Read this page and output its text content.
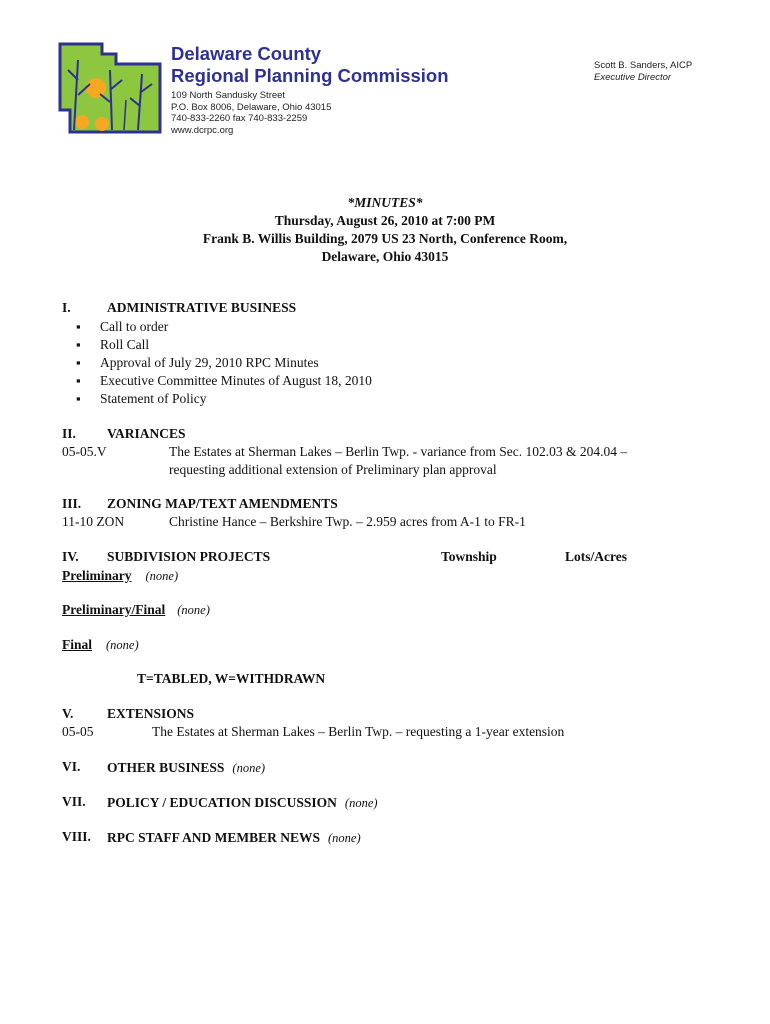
Delaware County
Regional Planning Commission
109 North Sandusky Street
P.O. Box 8006, Delaware, Ohio 43015
740-833-2260 fax 740-833-2259
www.dcrpc.org
Scott B. Sanders, AICP
Executive Director
*MINUTES*
Thursday, August 26, 2010 at 7:00 PM
Frank B. Willis Building, 2079 US 23 North, Conference Room,
Delaware, Ohio 43015
I.	ADMINISTRATIVE BUSINESS
▪ Call to order
▪ Roll Call
▪ Approval of July 29, 2010 RPC Minutes
▪ Executive Committee Minutes of August 18, 2010
▪ Statement of Policy
II. VARIANCES
05-05.V	The Estates at Sherman Lakes – Berlin Twp. - variance from Sec. 102.03 & 204.04 –
requesting additional extension of Preliminary plan approval
III. ZONING MAP/TEXT AMENDMENTS
11-10 ZON	Christine Hance – Berkshire Twp. – 2.959 acres from A-1 to FR-1
IV. SUBDIVISION PROJECTS	Township	Lots/Acres
Preliminary (none)
Preliminary/Final (none)
Final (none)
T=TABLED, W=WITHDRAWN
V. EXTENSIONS
05-05	The Estates at Sherman Lakes – Berlin Twp. – requesting a 1-year extension
VI. OTHER BUSINESS (none)
VII. POLICY / EDUCATION DISCUSSION (none)
VIII. RPC STAFF AND MEMBER NEWS (none)
